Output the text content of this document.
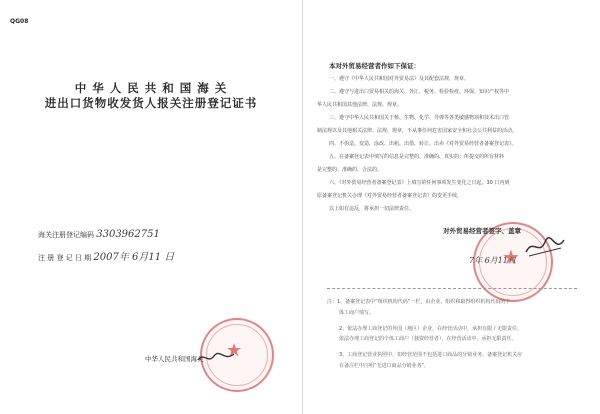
QG08
中 华 人 民 共 和 国 海 关
进出口货物收发货人报关注册登记证书
海关注册登记编码 3303962751
注 册 登 记 日 期 2007年 6月11 日
★
中华人民共和国海关
本对外贸易经营者作如下保证：
一、遵守《中华人民共和国对外贸易法》及其配套法规、规章。
二、遵守与进出口贸易相关的海关、外汇、税务、检验检疫、环保、知识产权等中
华人民共和国其他法律、法规、规章。
三、遵守中华人民共和国关于核、生物、化学、导弹等各类敏感物项和技术出口管
制法规以及其他相关法律、法规、规章，不从事任何危害国家安全和社会公共利益的活动。
四、不伪造、变造、涂改、出租、出借、转让、出卖《对外贸易经营者备案登记表》。
五、在备案登记表中填写的信息是完整的、准确的、真实的；所提交的所有材料
是完整的、准确的、合法的。
六、《对外贸易经营者备案登记表》上填写的任何事项发生变化之日起，30 日内到
原备案登记机关办理《对外贸易经营者备案登记表》的变更手续。
以上如有违反，将承担一切法律责任。
★
对外贸易经营者签字、盖章
7年 6月11日
注：1、备案登记表中“组织机构代码”一栏，由企业、组织和取得组织机构代码的个
体工商户填写。
2、依法办理工商登记的外国（地区）企业，在经营活动中，承担有限 / 无限责任。
依法办理工商登记的个体工商户（独资经营者），在经营活动中，承担无限责任。
3、工商登记营业执照中，如经营范围不包括进口商品的分销业务，备案登记机关应
在备注栏中注明“无进口商品分销业务”。
